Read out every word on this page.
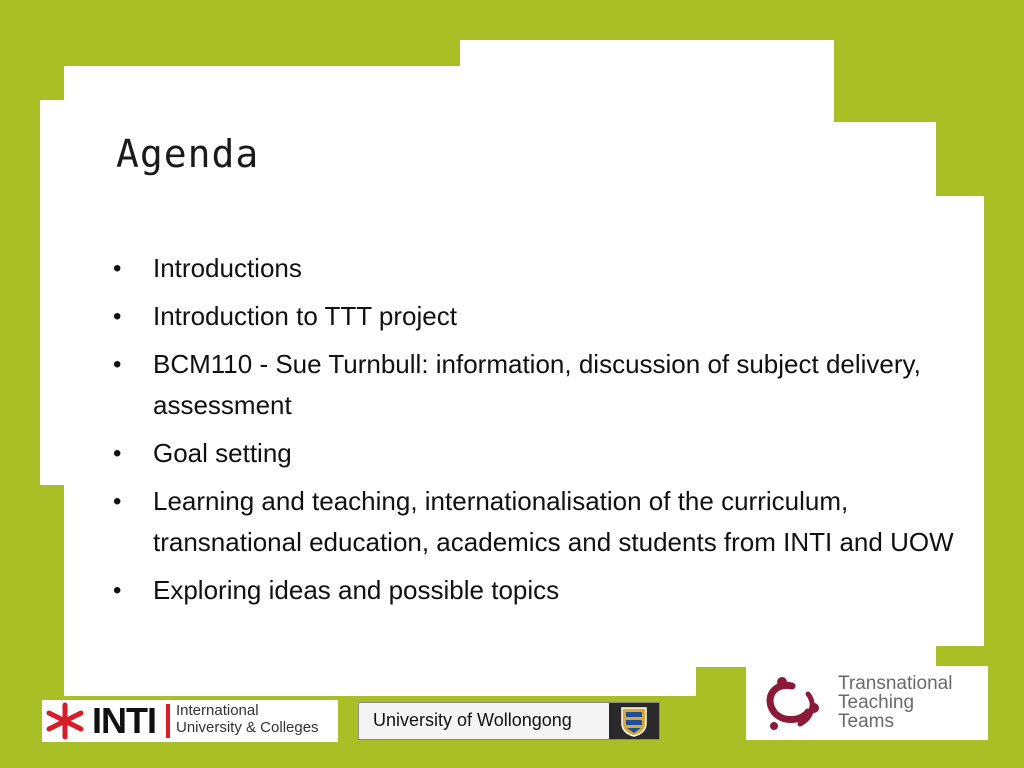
Agenda
• Introductions
• Introduction to TTT project
• BCM110 - Sue Turnbull: information, discussion of subject delivery, assessment
• Goal setting
• Learning and teaching, internationalisation of the curriculum, transnational education, academics and students from INTI and UOW
• Exploring ideas and possible topics
INTI International
University & Colleges	University of Wollongong
Transnational
Teaching
Teams
